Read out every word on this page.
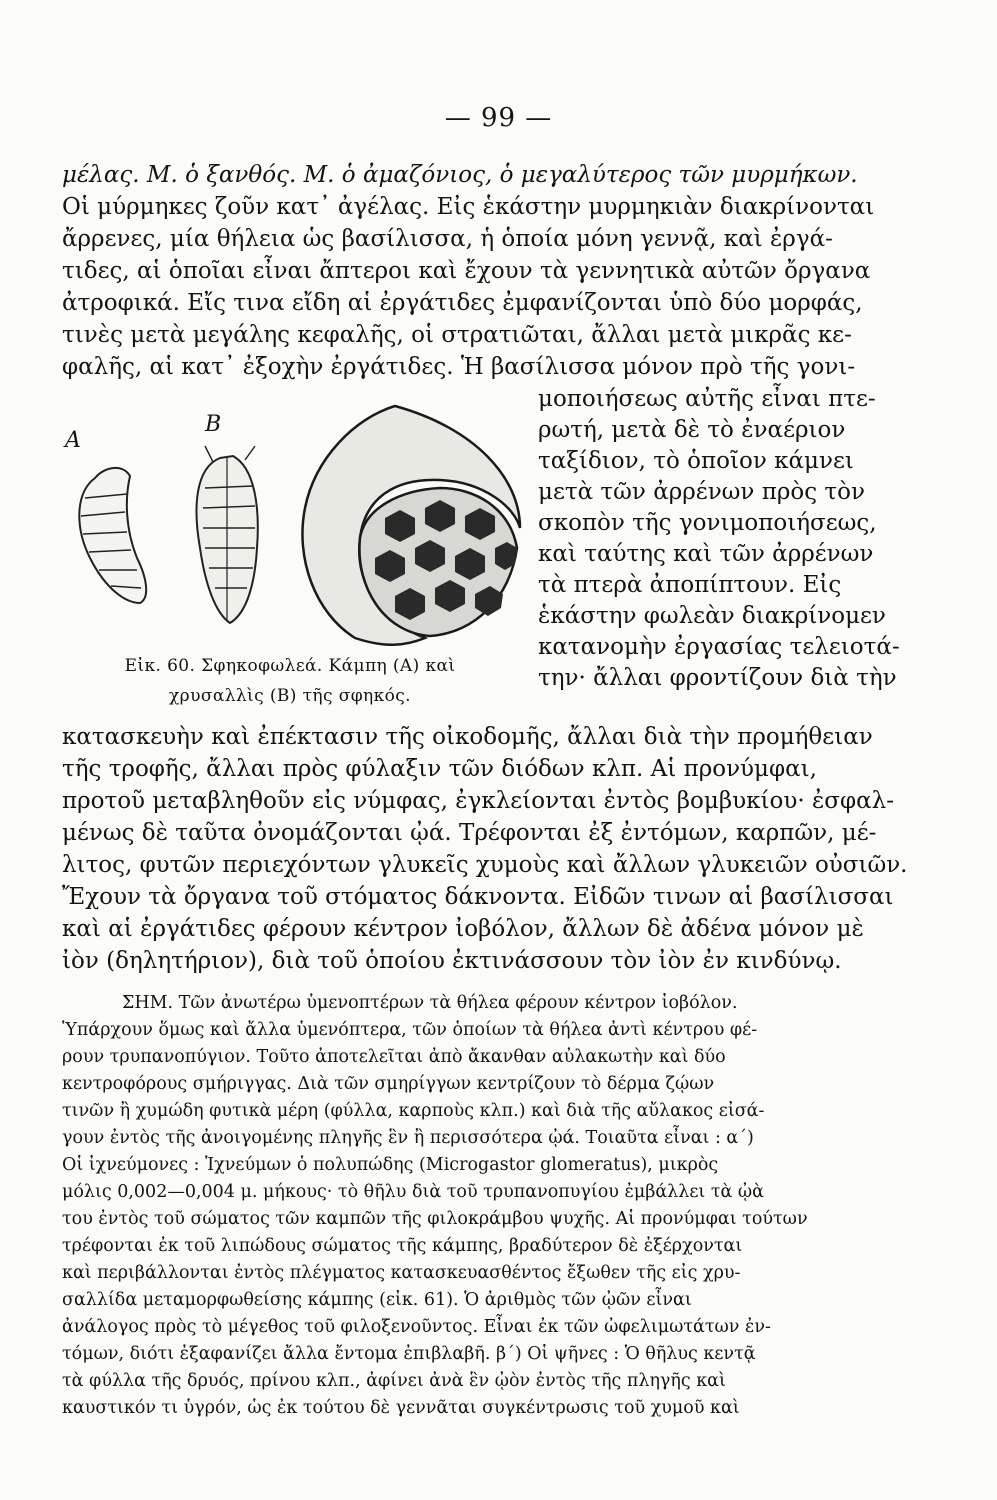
— 99 —
μέλας. Μ. ὁ ξανθός. Μ. ὁ ἀμαζόνιος, ὁ μεγαλύτερος τῶν μυρμήκων.
Οἱ μύρμηκες ζοῦν κατ᾽ ἀγέλας. Εἰς ἑκάστην μυρμηκιὰν διακρίνονται
ἄρρενες, μία θήλεια ὡς βασίλισσα, ἡ ὁποία μόνη γεννᾷ, καὶ ἐργά-
τιδες, αἱ ὁποῖαι εἶναι ἄπτεροι καὶ ἔχουν τὰ γεννητικὰ αὐτῶν ὄργανα
ἀτροφικά. Εἴς τινα εἴδη αἱ ἐργάτιδες ἐμφανίζονται ὑπὸ δύο μορφάς,
τινὲς μετὰ μεγάλης κεφαλῆς, οἱ στρατιῶται, ἄλλαι μετὰ μικρᾶς κε-
φαλῆς, αἱ κατ᾽ ἐξοχὴν ἐργάτιδες. Ἡ βασίλισσα μόνον πρὸ τῆς γονι-
μοποιήσεως αὐτῆς εἶναι πτε-
ρωτή, μετὰ δὲ τὸ ἐναέριον
ταξίδιον, τὸ ὁποῖον κάμνει
μετὰ τῶν ἀρρένων πρὸς τὸν
σκοπὸν τῆς γονιμοποιήσεως,
καὶ ταύτης καὶ τῶν ἀρρένων
τὰ πτερὰ ἀποπίπτουν. Εἰς
ἑκάστην φωλεὰν διακρίνομεν
κατανομὴν ἐργασίας τελειοτά-
την· ἄλλαι φροντίζουν διὰ τὴν
Α
Β
Εἰκ. 60. Σφηκοφωλεά. Κάμπη (Α) καὶ
χρυσαλλὶς (Β) τῆς σφηκός.
κατασκευὴν καὶ ἐπέκτασιν τῆς οἰκοδομῆς, ἄλλαι διὰ τὴν προμήθειαν
τῆς τροφῆς, ἄλλαι πρὸς φύλαξιν τῶν διόδων κλπ. Αἱ προνύμφαι,
προτοῦ μεταβληθοῦν εἰς νύμφας, ἐγκλείονται ἐντὸς βομβυκίου· ἐσφαλ-
μένως δὲ ταῦτα ὀνομάζονται ᾠά. Τρέφονται ἐξ ἐντόμων, καρπῶν, μέ-
λιτος, φυτῶν περιεχόντων γλυκεῖς χυμοὺς καὶ ἄλλων γλυκειῶν οὐσιῶν.
Ἔχουν τὰ ὄργανα τοῦ στόματος δάκνοντα. Εἰδῶν τινων αἱ βασίλισσαι
καὶ αἱ ἐργάτιδες φέρουν κέντρον ἰοβόλον, ἄλλων δὲ ἀδένα μόνον μὲ
ἰὸν (δηλητήριον), διὰ τοῦ ὁποίου ἐκτινάσσουν τὸν ἰὸν ἐν κινδύνῳ.
ΣΗΜ. Τῶν ἀνωτέρω ὑμενοπτέρων τὰ θήλεα φέρουν κέντρον ἰοβόλον.
Ὑπάρχουν ὅμως καὶ ἄλλα ὑμενόπτερα, τῶν ὁποίων τὰ θήλεα ἀντὶ κέντρου φέ-
ρουν τρυπανοπύγιον. Τοῦτο ἀποτελεῖται ἀπὸ ἄκανθαν αὐλακωτὴν καὶ δύο
κεντροφόρους σμήριγγας. Διὰ τῶν σμηρίγγων κεντρίζουν τὸ δέρμα ζῴων
τινῶν ἢ χυμώδη φυτικὰ μέρη (φύλλα, καρποὺς κλπ.) καὶ διὰ τῆς αὔλακος εἰσά-
γουν ἐντὸς τῆς ἀνοιγομένης πληγῆς ἓν ἢ περισσότερα ᾠά. Τοιαῦτα εἶναι : α΄)
Οἱ ἰχνεύμονες : Ἰχνεύμων ὁ πολυπώδης (Microgastor glomeratus), μικρὸς
μόλις 0,002—0,004 μ. μήκους· τὸ θῆλυ διὰ τοῦ τρυπανοπυγίου ἐμβάλλει τὰ ᾠὰ
του ἐντὸς τοῦ σώματος τῶν καμπῶν τῆς φιλοκράμβου ψυχῆς. Αἱ προνύμφαι τούτων
τρέφονται ἐκ τοῦ λιπώδους σώματος τῆς κάμπης, βραδύτερον δὲ ἐξέρχονται
καὶ περιβάλλονται ἐντὸς πλέγματος κατασκευασθέντος ἔξωθεν τῆς εἰς χρυ-
σαλλίδα μεταμορφωθείσης κάμπης (εἰκ. 61). Ὁ ἀριθμὸς τῶν ᾠῶν εἶναι
ἀνάλογος πρὸς τὸ μέγεθος τοῦ φιλοξενοῦντος. Εἶναι ἐκ τῶν ὠφελιμωτάτων ἐν-
τόμων, διότι ἐξαφανίζει ἄλλα ἔντομα ἐπιβλαβῆ. β΄) Οἱ ψῆνες : Ὁ θῆλυς κεντᾷ
τὰ φύλλα τῆς δρυός, πρίνου κλπ., ἀφίνει ἀνὰ ἓν ᾠὸν ἐντὸς τῆς πληγῆς καὶ
καυστικόν τι ὑγρόν, ὡς ἐκ τούτου δὲ γεννᾶται συγκέντρωσις τοῦ χυμοῦ καὶ
